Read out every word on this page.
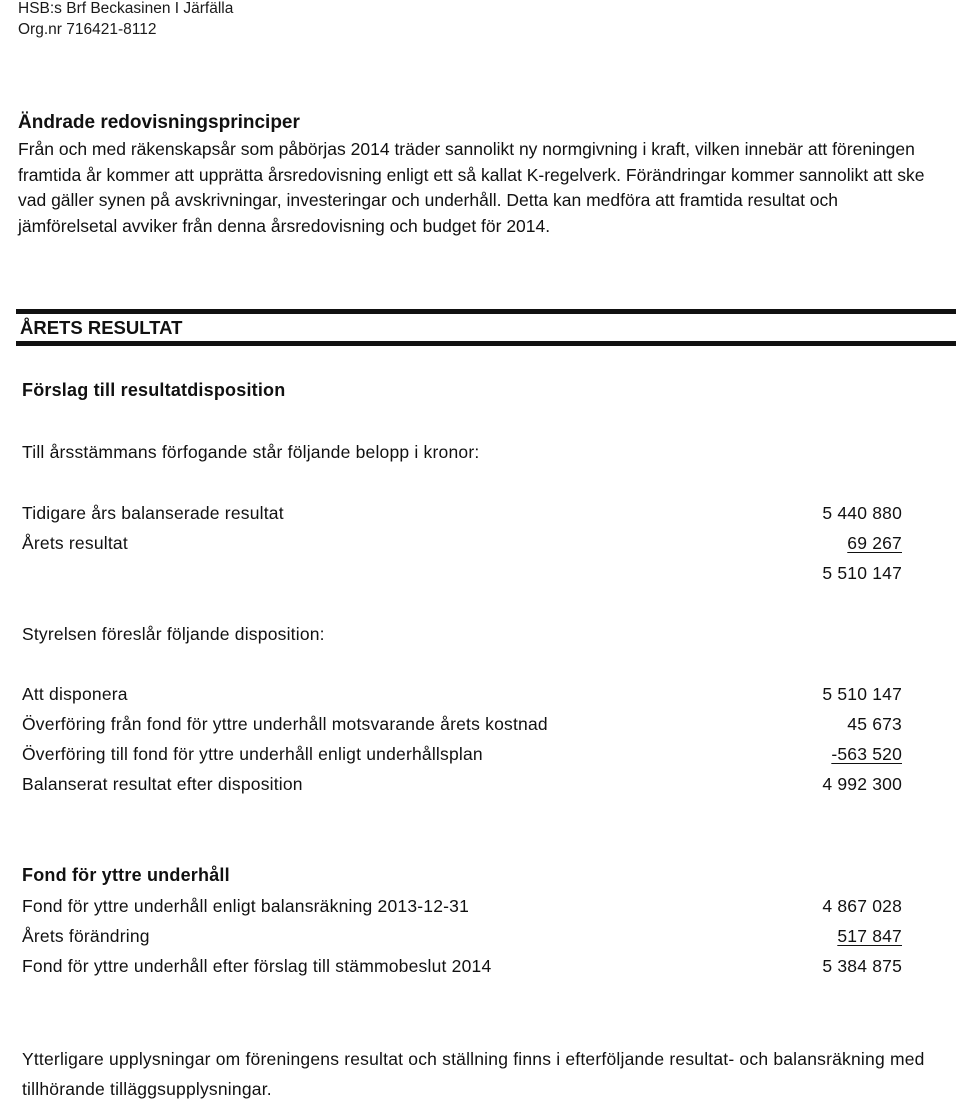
HSB:s Brf Beckasinen I Järfälla
Org.nr 716421-8112
Ändrade redovisningsprinciper

Från och med räkenskapsår som påbörjas 2014 träder sannolikt ny normgivning i kraft, vilken innebär att föreningen framtida år kommer att upprätta årsredovisning enligt ett så kallat K-regelverk. Förändringar kommer sannolikt att ske vad gäller synen på avskrivningar, investeringar och underhåll. Detta kan medföra att framtida resultat och jämförelsetal avviker från denna årsredovisning och budget för 2014.

ÅRETS RESULTAT
Förslag till resultatdisposition
Till årsstämmans förfogande står följande belopp i kronor:
Tidigare års balanserade resultat	5 440 880
Årets resultat	69 267
5 510 147
Styrelsen föreslår följande disposition:
Att disponera	5 510 147
Överföring från fond för yttre underhåll motsvarande årets kostnad	45 673
Överföring till fond för yttre underhåll enligt underhållsplan	-563 520
Balanserat resultat efter disposition	4 992 300
Fond för yttre underhåll
Fond för yttre underhåll enligt balansräkning 2013-12-31	4 867 028
Årets förändring	517 847
Fond för yttre underhåll efter förslag till stämmobeslut 2014	5 384 875
Ytterligare upplysningar om föreningens resultat och ställning finns i efterföljande resultat- och balansräkning med tillhörande tilläggsupplysningar.
